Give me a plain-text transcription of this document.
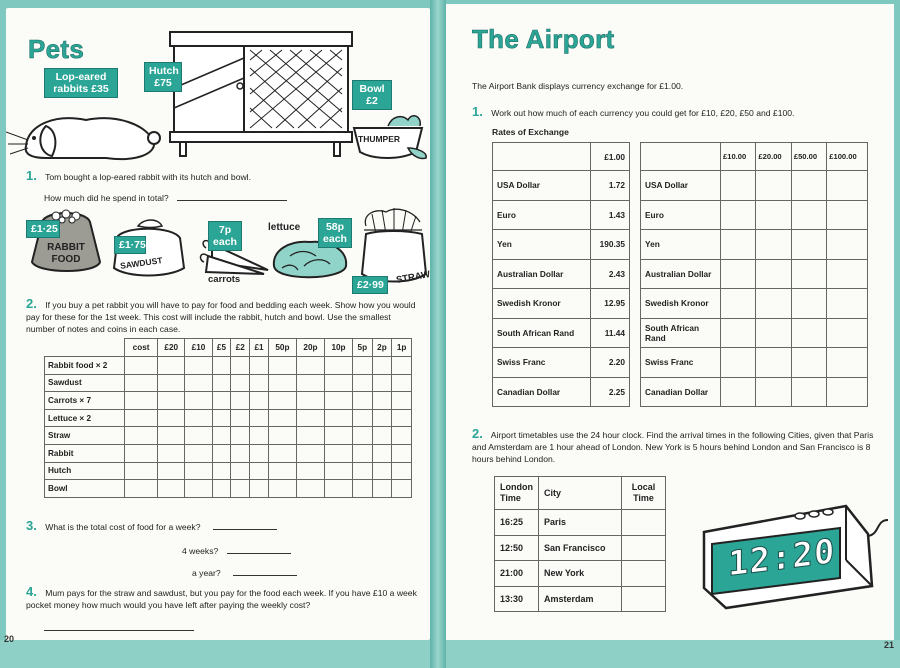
Pets
Lop-eared rabbits £35
Hutch £75
THUMPER
Bowl £2
1. Tom bought a lop-eared rabbit with its hutch and bowl.
How much did he spend in total?
RABBIT FOOD
£1·25
SAWDUST
£1·75
carrots
7p each
lettuce	58p each
STRAW
£2·99
2. If you buy a pet rabbit you will have to pay for food and bedding each week. Show how you would pay for these for the 1st week. This cost will include the rabbit, hutch and bowl. Use the smallest number of notes and coins in each case.
	cost	£20	£10	£5	£2	£1	50p	20p	10p	5p	2p	1p
Rabbit food × 2												
Sawdust												
Carrots × 7												
Lettuce × 2												
Straw												
Rabbit												
Hutch												
Bowl												
3. What is the total cost of food for a week?
4 weeks?
a year?
4. Mum pays for the straw and sawdust, but you pay for the food each week. If you have £10 a week pocket money how much would you have left after paying the weekly cost?
20
The Airport
The Airport Bank displays currency exchange for £1.00.
1. Work out how much of each currency you could get for £10, £20, £50 and £100.
Rates of Exchange
	£1.00
USA Dollar	1.72
Euro	1.43
Yen	190.35
Australian Dollar	2.43
Swedish Kronor	12.95
South African Rand	11.44
Swiss Franc	2.20
Canadian Dollar	2.25
	£10.00	£20.00	£50.00	£100.00
USA Dollar				
Euro				
Yen				
Australian Dollar				
Swedish Kronor				
South African Rand				
Swiss Franc				
Canadian Dollar				
2. Airport timetables use the 24 hour clock. Find the arrival times in the following Cities, given that Paris and Amsterdam are 1 hour ahead of London. New York is 5 hours behind London and San Francisco is 8 hours behind London.
London Time	City	Local Time
16:25	Paris	
12:50	San Francisco	
21:00	New York	
13:30	Amsterdam	
12:20
21
